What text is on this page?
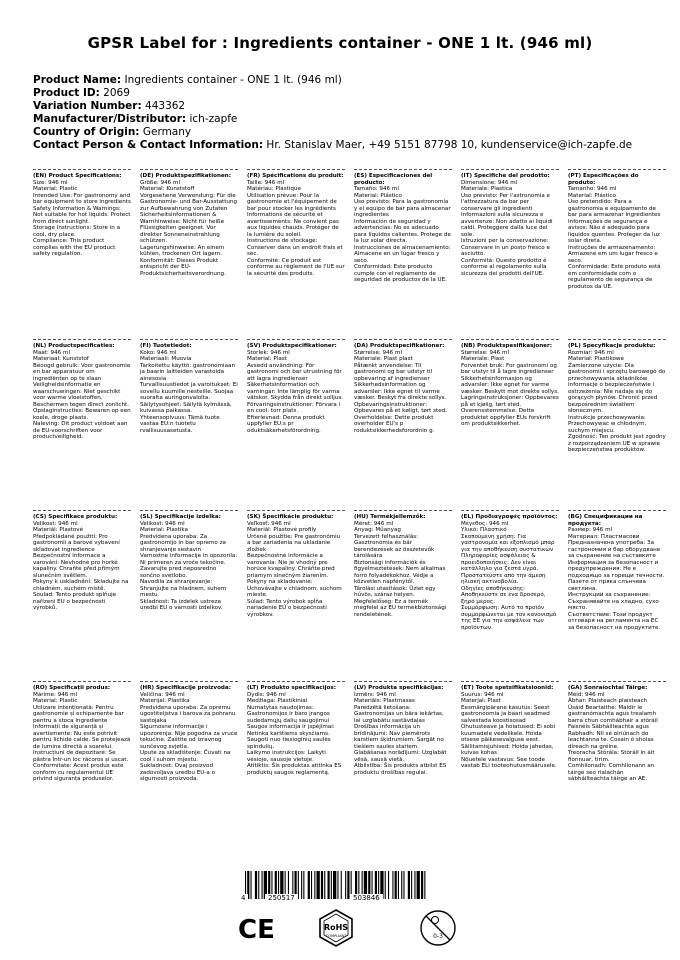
GPSR Label for : Ingredients container - ONE 1 lt. (946 ml)
Product Name: Ingredients container - ONE 1 lt. (946 ml)
Product ID: 2069
Variation Number: 443362
Manufacturer/Distributor: ich-zapfe
Country of Origin: Germany
Contact Person & Contact Information: Hr. Stanislav Maer, +49 5151 87798 10, kundenservice@ich-zapfe.de
(EN) Product Specifications:
Size: 946 ml
Material: Plastic
Intended Use: For gastronomy and bar equipment to store ingredients
Safety Information & Warnings: Not suitable for hot liquids. Protect from direct sunlight.
Storage Instructions: Store in a cool, dry place.
Compliance: This product complies with the EU product safety regulation.
(DE) Produktspezifikationen:
Größe: 946 ml
Material: Kunststoff
Vorgesehene Verwendung: Für die Gastronomie- und Bar-Ausstattung zur Aufbewahrung von Zutaten
Sicherheitsinformationen & Warnhinweise: Nicht für heiße Flüssigkeiten geeignet. Vor direkter Sonneneinstrahlung schützen.
Lagerungshinweise: An einem kühlen, trockenen Ort lagern.
Konformität: Dieses Produkt entspricht der EU-Produktsicherheitsverordnung.
(FR) Spécifications du produit:
Taille: 946 ml
Matériau: Plastique
Utilisation prévue: Pour la gastronomie et l'équipement de bar pour stocker les ingrédients
Informations de sécurité et avertissements: Ne convient pas aux liquides chauds. Protéger de la lumière du soleil.
Instructions de stockage: Conserver dans un endroit frais et sec.
Conformité: Ce produit est conforme au règlement de l'UE sur la sécurité des produits.
(ES) Especificaciones del producto:
Tamaño: 946 ml
Material: Plástico
Uso previsto: Para la gastronomía y el equipo de bar para almacenar ingredientes
Información de seguridad y advertencias: No es adecuado para líquidos calientes. Protege de la luz solar directa.
Instrucciones de almacenamiento: Almacene en un lugar fresco y seco.
Conformidad: Este producto cumple con el reglamento de seguridad de productos de la UE.
(IT) Specifiche del prodotto:
Dimensione: 946 ml
Materiale: Plastica
Uso previsto: Per l'astronomia e l'attrezzatura da bar per conservare gli ingredienti
Informazioni sulla sicurezza e avvertenze: Non adatto ai liquidi caldi. Proteggere dalla luce del sole.
Istruzioni per la conservazione: Conservare in un posto fresco e asciutto.
Conformità: Questo prodotto è conforme al regolamento sulla sicurezza dei prodotti dell'UE.
(PT) Especificações do produto:
Tamanho: 946 ml
Material: Plástico
Uso pretendido: Para a gastronomia e equipamento de bar para armazenar ingredientes
Informações de segurança e avisos: Não é adequado para líquidos quentes. Proteger da luz solar direta.
Instruções de armazenamento: Armazene em um lugar fresco e seco.
Conformidade: Este produto está em conformidade com o regulamento de segurança de produtos da UE.
(NL) Productspecificaties:
Maat: 946 ml
Materiaal: Kunststof
Beoogd gebruik: Voor gastronomie en bar apparatuur om ingrediënten op te slaan
Veiligheidsinformatie en waarschuwingen: Niet geschikt voor warme vloeistoffen. Beschermen tegen direct zonlicht.
Opslaginstructies: Bewaren op een koele, droge plaats.
Naleving: Dit product voldoet aan de EU-voorschriften voor productveiligheid.
(FI) Tuotetiedot:
Koko: 946 ml
Materiaali: Muovia
Tarkoitettu käyttö: gastronomiaan ja baarin laitteiden varastoida ainesosia
Turvallisuustiedot ja varoitukset: Ei sovellu kuumille nesteille. Suojaa suoralta auringonvalolta.
Säilytysohjeet: Säilytä kylmässä, kuivassa paikassa.
Yhteensopivuus: Tämä tuote vastaa EU:n tuotetu rvallisuusasetusta.
(SV) Produktspecifikationer:
Storlek: 946 ml
Material: Plast
Avsedd användning: För gastronomi och bar utrustning för att lagra ingredienser
Säkerhetsinformation och varningar: Inte lämplig för varma vätskor. Skydda från direkt solljus.
Förvaringsinstruktioner: Förvara i en cool, torr plats.
Efterlevnad: Denna produkt uppfyller EU:s pr oduktsäkerhetsförordning.
(DA) Produktspecifikationer:
Størrelse: 946 ml
Materiale: Plast plast
Påtænkt anvendelse: Til gastronomi og bar udstyr til opbevaring af ingredienser
Sikkerhedsinformation og advarsler: Ikke egnet til varme væsker. Beskyt fra direkte sollys.
Opbevaringsinstruktioner: Opbevares på et køligt, tørt sted.
Overholdelse: Dette produkt overholder EU's p roduktsikkerhedsforordnin g.
(NB) Produktspesifikasjoner:
Størrelse: 946 ml
Materiale: Plast
Forventet bruk: For gastronomi og bar utstyr til å lagre ingredienser
Sikkerhetsinformasjon og advarsler: Ikke egnet for varme væsker. Beskytt mot direkte sollys.
Lagringsinstruksjoner: Oppbevares på et kjølig, tørt sted.
Overensstemmelse: Dette produktet oppfyller EUs forskrift om produktsikkerhet.
(PL) Specyfikacje produktu:
Rozmiar: 946 ml
Materiał: Plastikowe
Zamierzone użycie: Dla gastronomii i sprzętu barowego do przechowywania składników
Informacje o bezpieczeństwie i ostrzeżenia: Nie nadaje się do gorących płynów. Chronić przed bezpośrednim światłem słonecznym.
Instrukcje przechowywania: Przechowywać w chłodnym, suchym miejscu.
Zgodność: Ten produkt jest zgodny z rozporządzeniem UE w sprawie bezpieczeństwa produktów.
(CS) Specifikace produktu:
Velikost: 946 ml
Materiál: Plastové
Předpokládané použití: Pro gastronomii a barové vybavení skladovat ingredience
Bezpečnostní informace a varování: Nevhodné pro horké kapaliny. Chraňte před přímým slunečním světlem.
Pokyny k uskladnění: Skladujte na chladném, suchém místě.
Soulad: Tento produkt splňuje nařízení EU o bezpečnosti výrobků.
(SL) Specifikacije izdelka:
Velikost: 946 ml
Material: Plastika
Predvidena uporaba: Za gastronomijo in bar opremo za shranjevanje sestavin
Varnostne informacije in opozorila: Ni primeren za vroče tekočine. Zavarujte pred neposredno sončno svetlobo.
Navodila za shranjevanje: Shranjujte na hladnem, suhem mestu.
Skladnost: Ta izdelek ustreza uredbi EU o varnosti izdelkov.
(SK) Špecifikácie produktu:
Veľkosť: 946 ml
Materiál: Plastové profily
Určené použitie: Pre gastronómiu a bar zariadenia na ukladanie zložiek
Bezpečnostné informácie a varovania: Nie je vhodný pre horúce kvapaliny. Chráňte pred priamym slnečným žiarením.
Pokyny na skladovanie: Uchovávajte v chladnom, suchom mieste.
Súlad: Tento výrobok spĺňa nariadenie EÚ o bezpečnosti výrobkov.
(HU) Termékjellemzők:
Méret: 946 ml
Anyag: Műanyag
Tervezett felhasználás: Gasztronómia és bár berendezések az összetevők tárolására
Biztonsági információk és figyelmeztetések: Nem alkalmas forró folyadékokhoz. Védje a közvetlen napfénytől.
Tárolási utasítások: Üzlet egy hűvös, száraz helyen.
Megfelelőség: Ez a termék megfelel az EU termékbiztonsági rendeletének.
(EL) Προδιαγραφές προϊόντος:
Μέγεθος: 946 ml
Υλικό: Πλαστικό
Σκοπούμενη χρήση: Για γαστρονομία και εξοπλισμό μπαρ για την αποθήκευση συστατικών
Πληροφορίες ασφάλειας & προειδοποιήσεις: Δεν είναι κατάλληλο για ζεστά υγρά. Προστατεύστε από την άμεση ηλιακή ακτινοβολία.
Οδηγίες αποθήκευσης: Αποθηκεύστε σε ένα δροσερό, ξηρό μέρος.
Συμμόρφωση: Αυτό το προϊόν συμμορφώνεται με τον κανονισμό της ΕΕ για την ασφάλεια των προϊόντων.
(BG) Спецификации на продукта:
Размер: 946 ml
Материал: Пластмасови
Предназначена употреба: За гастрономия и бар оборудване за съхранение на съставките
Информация за безопасност и предупреждения: Не е подходящо за горещи течности. Пазете от пряка слънчева светлина.
Инструкции за съхранение: Съхранявайте на хладно, сухо място.
Съответствие: Този продукт отговаря на регламента на ЕС за безопасност на продуктите.
(RO) Specificații produs:
Mărime: 946 ml
Material: Plastic
Utilizare intenționată: Pentru gastronomie și echipamente bar pentru a stoca ingrediente
Informații de siguranță și avertismente: Nu este potrivit pentru lichide calde. Se protejează de lumina directă a soarelui.
Instrucțiuni de depozitare: Se păstra într-un loc răcoros și uscat.
Conformitate: Acest produs este conform cu regulamentul UE privind siguranța produselor.
(HR) Specifikacije proizvoda:
Veličina: 946 ml
Materijal: Plastika
Predviđena uporaba: Za opremu ugostiteljstva i barova za pohranu sastojaka
Sigurnosne informacije i upozorenja: Nije pogodna za vruće tekućine. Zaštite od izravnog sunčevog svjetla.
Upute za skladištenje: Čuvati na cool i suhom mjestu.
Sukladnost: Ovaj proizvod zadovoljava uredbu EU-a o sigurnosti proizvoda.
(LT) Produkto specifikacijos:
Dydis: 946 ml
Medžiaga: Plastikiniai
Numatytas naudojimas: Gastronomijos ir baro įrangos sudedamųjų dalių saugojimui
Saugos informacija ir įspėjimai: Netinka karštiems skysčiams. Saugoti nuo tiesioginių saulės spindulių.
Laikymo instrukcijos: Laikyti vėsioje, sausoje vietoje.
Atitiktis: Šis produktas atitinka ES produktų saugos reglamentą.
(LV) Produkta specifikācijas:
Izmērs: 946 ml
Materiāls: Plastmasas
Paredzētā lietošana: Gastronomijas un bāra iekārtas, lai uzglabātu sastāvdaļas
Drošības informācija un brīdinājumi: Nav piemērots karstiem šķidrumiem. Sargāt no tiešiem saules stariem.
Glabāšanas norādījumi: Uzglabāt vēsā, sausā vietā.
Atbilstība: Šis produkts atbilst ES produktu drošības regulai.
(ET) Toote spetsifikatsioonid:
Suurus: 946 ml
Materjal: Plast
Eesmärgipärane kasutus: Seest gastronoomia ja baari seadmed salvestada koostisosad
Ohutusteave ja hoiatused: Ei sobi kuumadele vedelikele. Hoida otsese päikesevalguse eest.
Säilitamisjuhised: Hoida jahedas, kuivas kohas.
Nõuetele vastavus: See toode vastab ELi tooteohutusmäärusele.
(GA) Sonraíochtaí Táirge:
Méid: 946 ml
Ábhar: Plaisteach plaisteach
Úsáid Beartaithe: Maidir le gastranómachta agus trealamh barra chun comhábhair a stóráil
Faisnéis Sábháilteachta agus Rabhadh: Níl sé oiriúnach do leachtanna te. Cosain ó sholas díreach na gréine.
Treoracha Stórála: Stóráil in áit fionnuar, tirim.
Comhlíonadh: Comhlíonann an táirge seo rialachán sábháilteachta táirge an AE.
4	250517	503846
CE	RoHS
COMPLIANT	0-3
